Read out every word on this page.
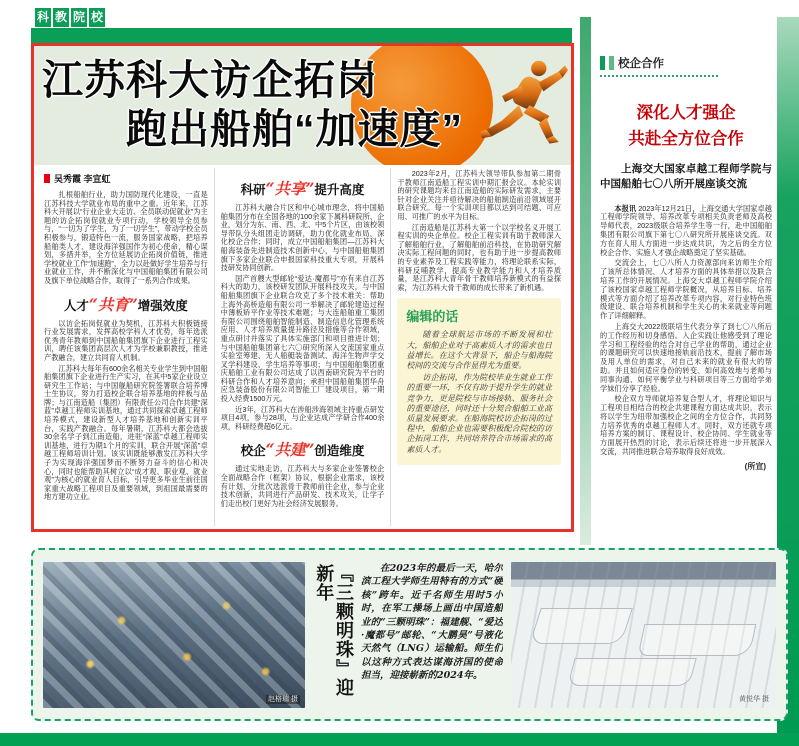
科 教 院 校
江苏科大访企拓岗
跑出船舶“加速度”
吴秀霞 李宣虹

扎根船舶行业，助力国防现代化建设，一直是江苏科技大学就业布局的重中之重。近年来，江苏科大开展以“行业企业大走访、全员联动促就业”为主题的访企拓岗促就业专项行动，学校领导全员参与，“一切为了学生，为了一切学生”，带动学校全员积极参与，锻造特色一流，服务国家战略，把培养船舶类人才、建设海洋强国作为初心使命，精心谋划，多措并举，全方位延展访企拓岗价值链，推进学校就业工作“加速跑”，全力以赴做好学生培养与行业就业工作，并不断深化与中国船舶集团有限公司及旗下单位战略合作，取得了一系列合作成果。

人才“共育”增强效度

以访企拓岗促就业为契机，江苏科大积极链接行业发展需求，发挥高校学科人才优势，每年选派优秀青年教师到中国船舶集团旗下企业进行工程实训，聘任该集团高层次人才为学校兼职教授，推进产教融合，建立共同育人机制。

江苏科大每年有600余名相关专业学生到中国船舶集团旗下企业进行生产实习，在其中5家企业设立研究生工作站；与中国舰船研究院签署联合培养博士生协议，努力打造校企联合培养基地的样板与品牌；与江南造船（集团）有限责任公司合作共建“深蓝”卓越工程师实训基地，通过共同探索卓越工程师培养模式，建设新型人才培养基地和创新实训平台，实践产教融合。每年暑期，江苏科大都会选拔30余名学子到江南造船，进驻“深蓝”卓越工程师实训基地，进行为期1个月的实训，联合开展“深蓝”卓越工程师培训计划。该实训既能够激发江苏科大学子为实现海洋强国梦而不断努力奋斗的信心和决心，同时也能帮助其树立以“成才观、职业观、就业观”为核心的就业育人目标，引导更多毕业生前往国家重大战略工程项目及重要领域，到祖国最需要的地方建功立业。

科研“共享”提升高度

江苏科大融合片区和中心城市理念，将中国船舶集团分布在全国各地的100余家下属科研院所、企业，划分为东、南、西、北、中5个片区，由该校领导带队分头组团走访调研，助力优化就业布局，深化校企合作；同时，成立中国船舶集团—江苏科大船海装备先进制造技术创新中心，与中国船舶集团旗下多家企业联合申报国家科技重大专项，开展科技研发协同创新。

国产首艘大型邮轮“爱达·魔都号”亦有来自江苏科大的助力，该校研发团队开展科技攻关，与中国船舶集团旗下企业联合攻克了多个技术难关：帮助上海外高桥造船有限公司一举解决了邮轮建造过程中薄板矫平作业等技术难题；与大连船舶重工集团有限公司围绕船舶智能制造、制造信息化管理系统应用、人才培养质量提升路径及措施等合作领域，重点研讨并落实了具体实施部门和项目推进计划；与中国船舶集团第七六〇研究所深入交流国家重点实验室筹建、无人船艇装备测试、海洋生物声学交叉学科建设、学生培养等事项；与中国船舶集团重庆船舶工业有限公司达成了以西南研究院为平台的科研合作和人才培养意向；承担中国船舶集团华舟应急装备股份有限公司智能工厂建设项目，第一期投入经费1500万元。

近3年，江苏科大在涉船涉海领域主持重点研发项目4项，参与28项，与企业达成产学研合作400余项，科研经费超6亿元。

校企“共建”创造维度

通过实地走访，江苏科大与多家企业签署校企全面战略合作（框架）协议，根据企业需求，该校有计划、分批次选派骨干教师前往企业，参与企业技术创新，共同进行产品研发、技术攻关，让学子们走出校门更好为社会经济发展服务。

2023年2月，江苏科大领导带队参加第二期骨干教师江南造船工程实训中期汇报会议。本轮实训的研究课题均来自江南造船的实际研发需求，主要针对企业关注并亟待解决的船舶制造前沿领域展开联合研究。每一个实训项目都以达到可结题、可应用、可推广的水平为目标。

江南造船是江苏科大第一个以学校名义开展工程实训的央企单位。校企工程实训有助于教师深入了解船舶行业，了解船舶前沿科技，在协助研究解决实际工程问题的同时，也有助于进一步提高教师的专业素养及工程实践等能力，将理论联系实际，科研反哺教学，提高专业教学能力和人才培养质量，是江苏科大青年骨干教师培养新模式的有益探索，为江苏科大骨干教师的成长带来了新机遇。

编辑的话

随着全球航运市场的不断发展和壮大，船舶企业对于高素质人才的需求也日益增长。在这个大背景下，船企与船海院校间的交流与合作显得尤为重要。

访企拓岗，作为院校毕业生就业工作的重要一环，不仅有助于提升学生的就业竞争力，更是院校与市场接轨、服务社会的重要途径，同时还十分契合船舶工业高质量发展要求。在船海院校访企拓岗的过程中，船舶企业也需要积极配合院校的访企拓岗工作，共同培养符合市场需求的高素质人才。

校企合作
深化人才强企
共赴全方位合作

上海交大国家卓越工程师学院与中国船舶七〇八所开展座谈交流

本报讯 2023年12月21日，上海交通大学国家卓越工程师学院领导、培养改革专项相关负责老师及高校导师代表，2023级联合培养学生等一行，赴中国船舶集团有限公司旗下第七〇八研究所开展座谈交流。双方在育人用人方面进一步达成共识，为之后的全方位校企合作、实施人才强企战略奠定了坚实基础。

交流会上，七〇八所人力资源部向来访师生介绍了该所总体情况、人才培养方面的具体举措以及联合培养工作的开展情况。上海交大卓越工程师学院介绍了该校国家卓越工程师学院概况，从培养目标、培养模式等方面介绍了培养改革专项内容，对行业特色班级建设、联合培养机制和学生关心的未来就业等问题作了详细解释。

上海交大2022级联培生代表分享了到七〇八所后的工作经历和切身感悟。入企实践让他感受到了理论学习和工程经验的结合对自己学业的帮助，通过企业的课题研究可以快速地接轨前沿技术，提前了解市场及用人单位的需求，对自己未来的就业有很大的帮助。并且如何适应身份的转变、如何高效地与老师与同事沟通、如何平衡学业与科研项目等三方面给学弟学妹们分享了经验。

校企双方导师就培养复合型人才，将理论知识与工程项目相结合的校企共建课程方面达成共识，表示将以学生为纽带加强校企之间的全方位合作，共同努力培养优秀的卓越工程师人才。同时，双方还就专项培养方案的制订、课程设计、校企协同、学生就业等方面展开热烈的讨论，表示后续还将进一步开展深入交流，共同推进联合培养取得良好成效。

(所宣)
赵格瑞 摄
『三颗明珠』迎新年	在2023年的最后一天，哈尔滨工程大学师生用特有的方式“硬核”跨年。近千名师生用时5小时，在军工操场上画出中国造船业的“三颗明珠”：福建舰、“爱达·魔都号”邮轮、“大鹏昊”号液化天然气（LNG）运输船。师生们以这种方式表达谋海济国的使命担当，迎接崭新的2024年。

黄悦华 摄
